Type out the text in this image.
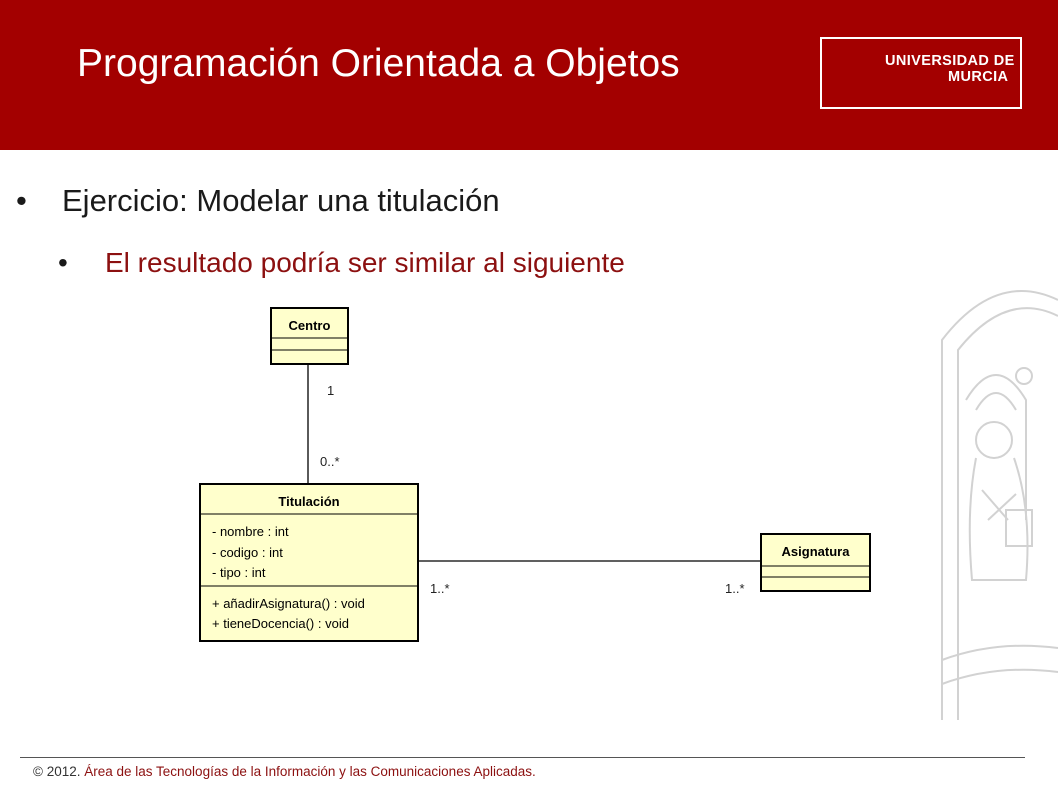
Programación Orientada a Objetos	UNIVERSIDAD DE
MURCIA
• Ejercicio: Modelar una titulación
• El resultado podría ser similar al siguiente
1
0..*
1..*	1..*
Centro
Titulación
- nombre : int
- codigo : int
- tipo : int
+ añadirAsignatura() : void
+ tieneDocencia() : void
Asignatura
© 2012. Área de las Tecnologías de la Información y las Comunicaciones Aplicadas.
